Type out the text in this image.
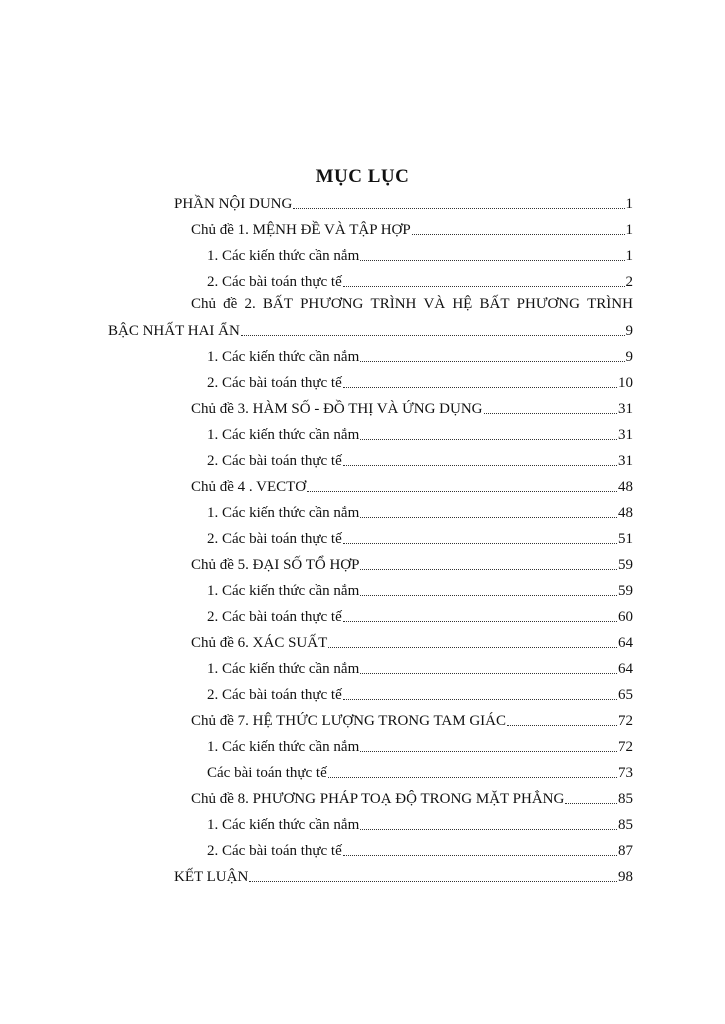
MỤC LỤC
PHẦN NỘI DUNG	1
Chủ đề 1. MỆNH ĐỀ VÀ TẬP HỢP	1
1. Các kiến thức cần nắm	1
2. Các bài toán thực tế	2
Chủ đề 2. BẤT PHƯƠNG TRÌNH VÀ HỆ BẤT PHƯƠNG TRÌNH
BẬC NHẤT HAI ẨN	9
1. Các kiến thức cần nắm	9
2. Các bài toán thực tế	10
Chủ đề 3. HÀM SỐ - ĐỒ THỊ VÀ ỨNG DỤNG	31
1. Các kiến thức cần nắm	31
2. Các bài toán thực tế	31
Chủ đề 4 . VECTƠ	48
1. Các kiến thức cần nắm	48
2. Các bài toán thực tế	51
Chủ đề 5. ĐẠI SỐ TỔ HỢP	59
1. Các kiến thức cần nắm	59
2. Các bài toán thực tế	60
Chủ đề 6. XÁC SUẤT	64
1. Các kiến thức cần nắm	64
2. Các bài toán thực tế	65
Chủ đề 7. HỆ THỨC LƯỢNG TRONG TAM GIÁC	72
1. Các kiến thức cần nắm	72
Các bài toán thực tế	73
Chủ đề 8. PHƯƠNG PHÁP TOẠ ĐỘ TRONG MẶT PHẲNG	85
1. Các kiến thức cần nắm	85
2. Các bài toán thực tế	87
KẾT LUẬN	98
